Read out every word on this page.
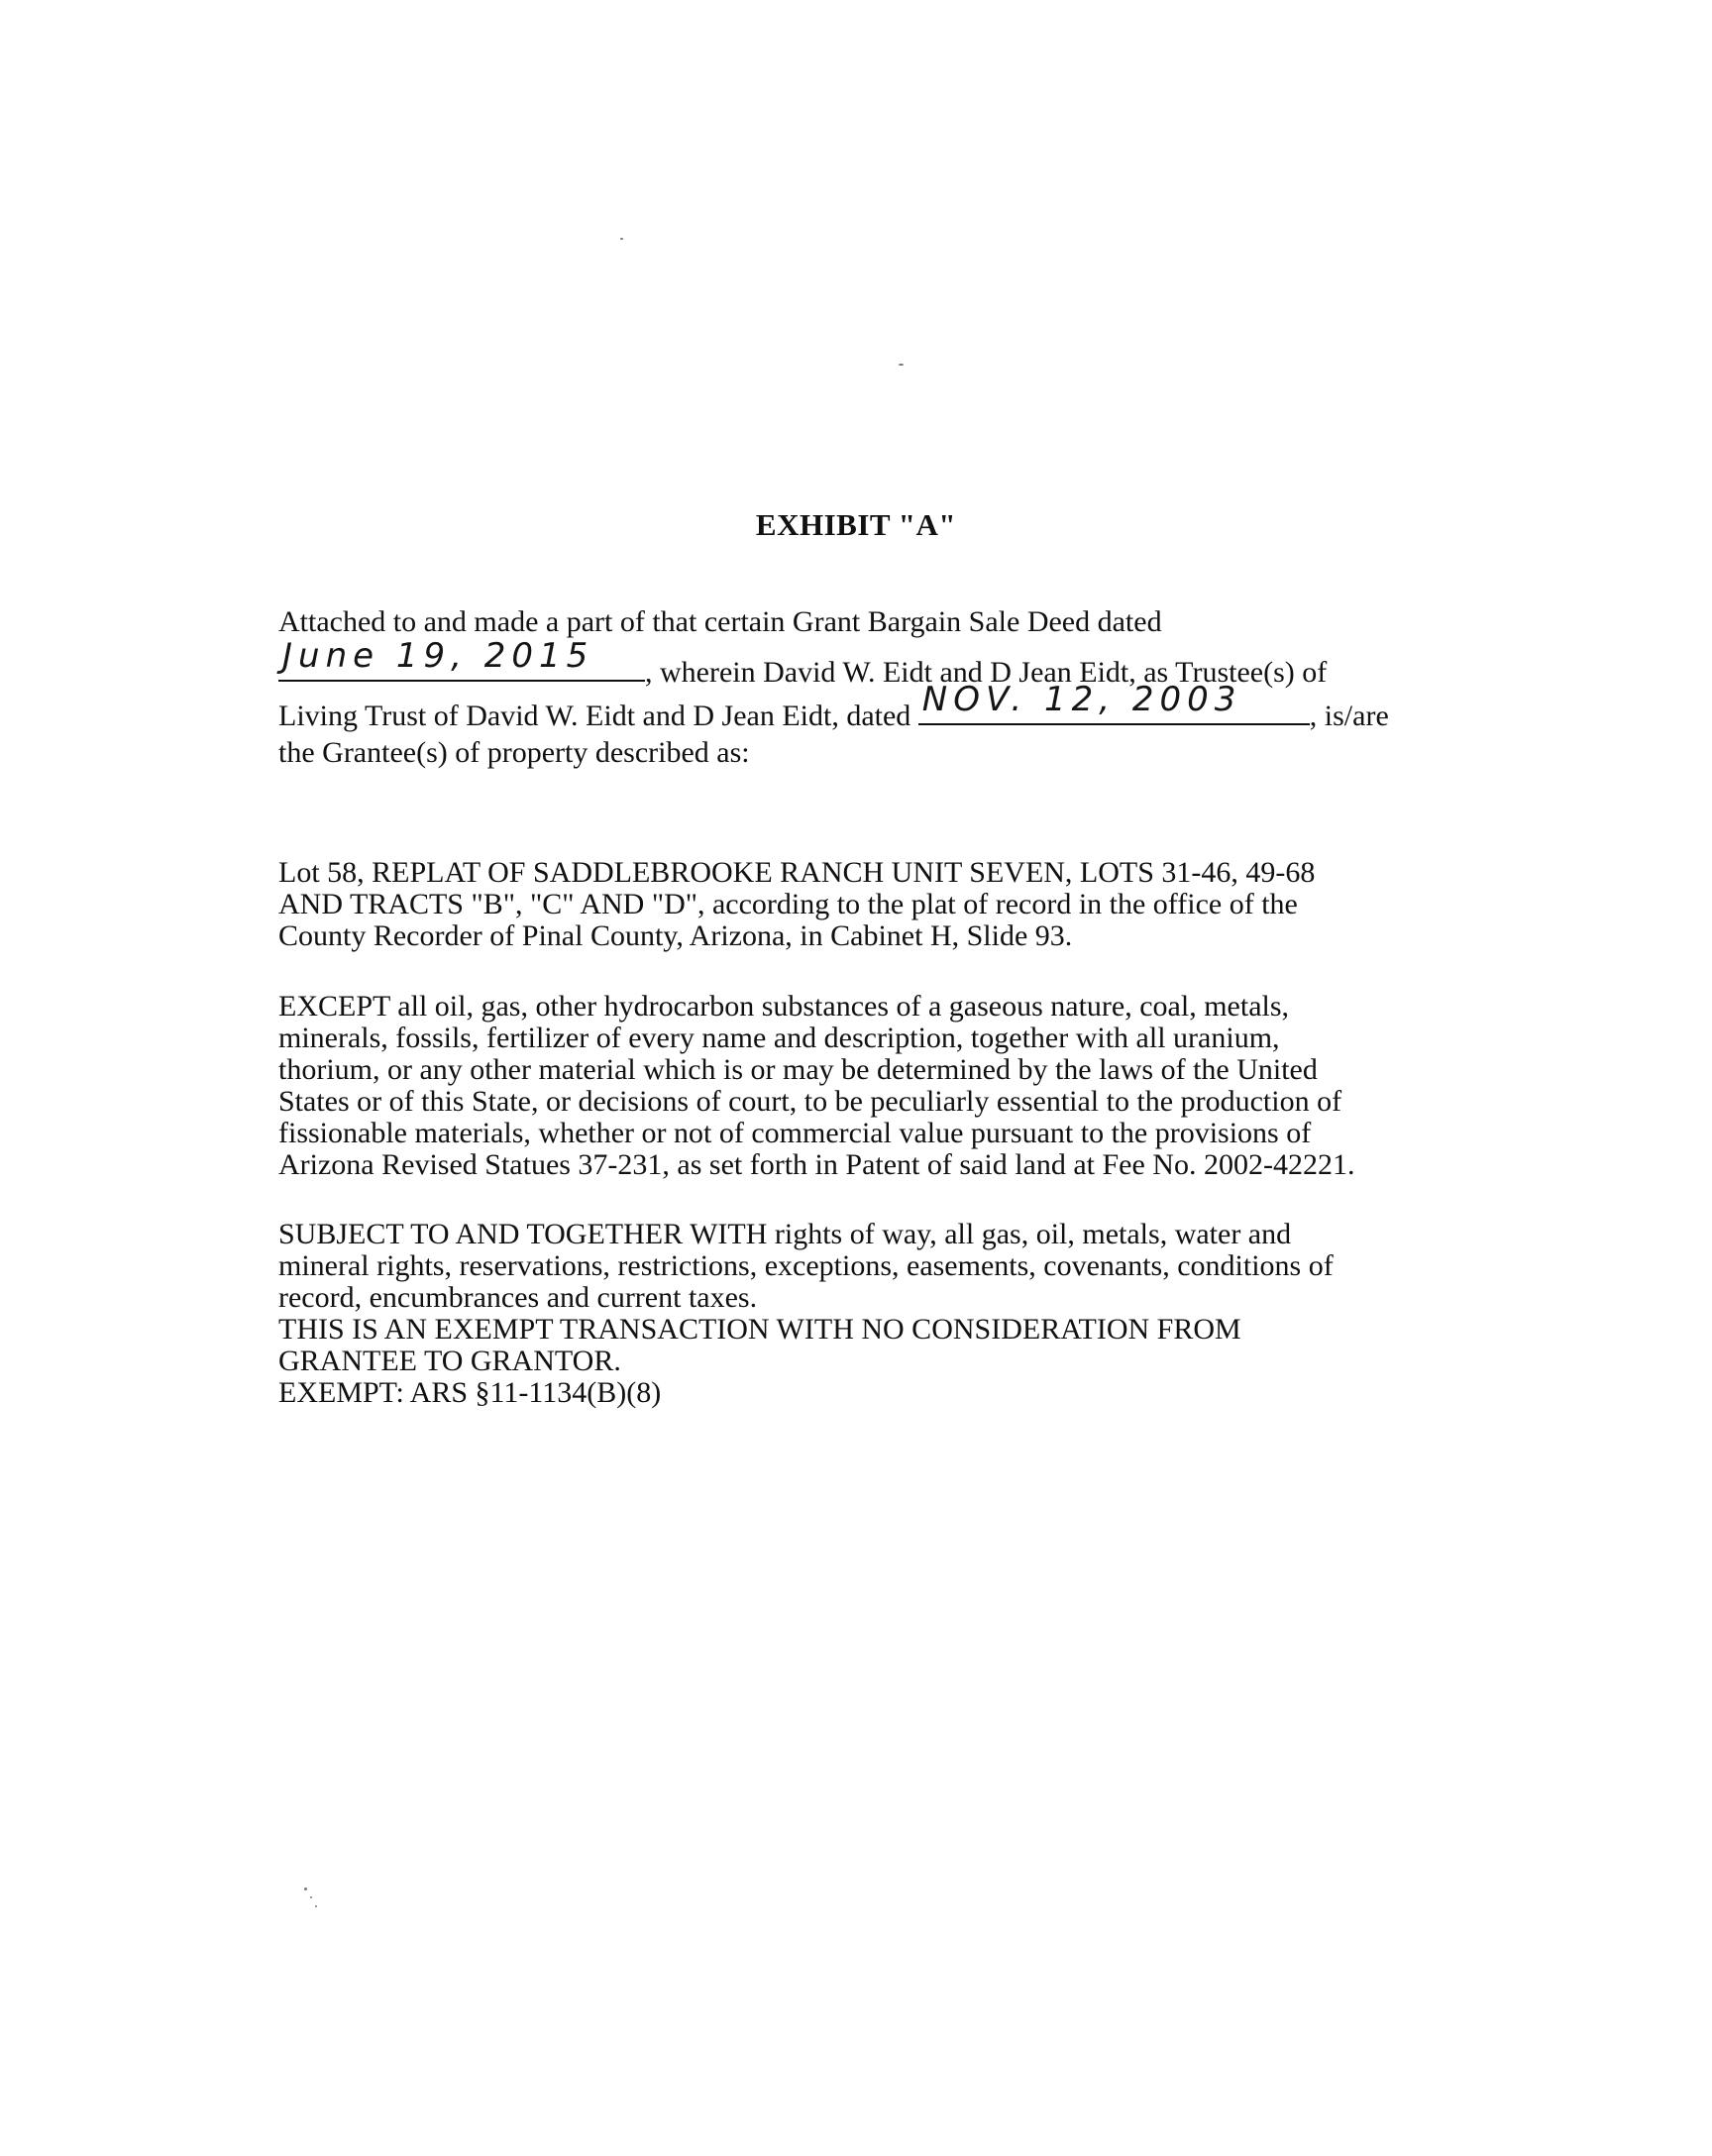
EXHIBIT "A"
Attached to and made a part of that certain Grant Bargain Sale Deed dated
June 19, 2015 , wherein David W. Eidt and D Jean Eidt, as Trustee(s) of
Living Trust of David W. Eidt and D Jean Eidt, dated NOV. 12, 2003 , is/are
the Grantee(s) of property described as:

Lot 58, REPLAT OF SADDLEBROOKE RANCH UNIT SEVEN, LOTS 31-46, 49-68
AND TRACTS "B", "C" AND "D", according to the plat of record in the office of the
County Recorder of Pinal County, Arizona, in Cabinet H, Slide 93.

EXCEPT all oil, gas, other hydrocarbon substances of a gaseous nature, coal, metals,
minerals, fossils, fertilizer of every name and description, together with all uranium,
thorium, or any other material which is or may be determined by the laws of the United
States or of this State, or decisions of court, to be peculiarly essential to the production of
fissionable materials, whether or not of commercial value pursuant to the provisions of
Arizona Revised Statues 37-231, as set forth in Patent of said land at Fee No. 2002-42221.

SUBJECT TO AND TOGETHER WITH rights of way, all gas, oil, metals, water and
mineral rights, reservations, restrictions, exceptions, easements, covenants, conditions of
record, encumbrances and current taxes.

THIS IS AN EXEMPT TRANSACTION WITH NO CONSIDERATION FROM
GRANTEE TO GRANTOR.

EXEMPT: ARS §11-1134(B)(8)
